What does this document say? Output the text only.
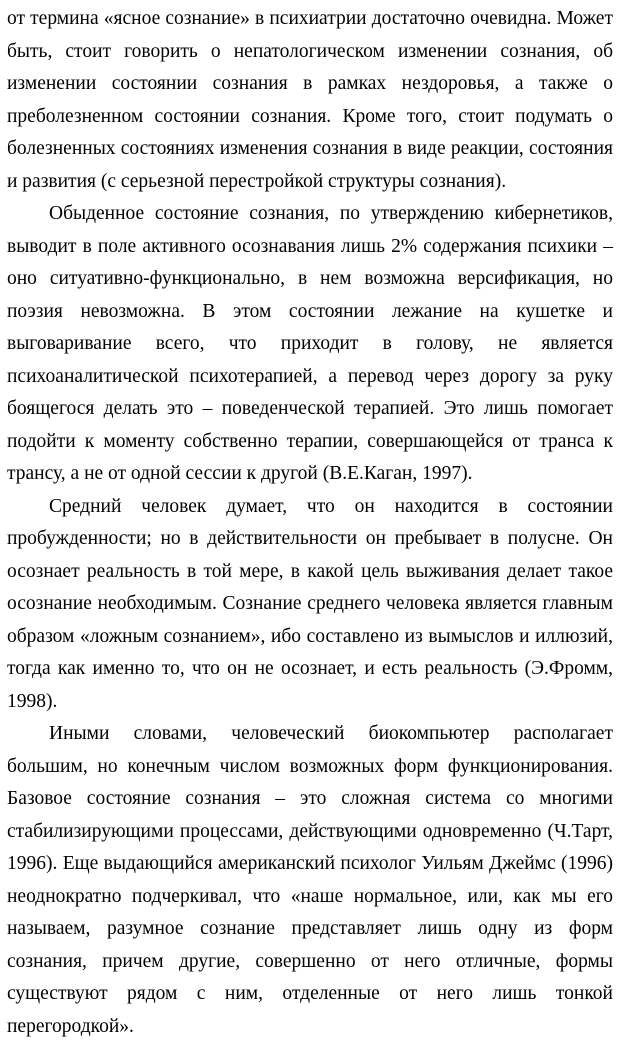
от термина «ясное сознание» в психиатрии достаточно очевидна. Может быть, стоит говорить о непатологическом изменении сознания, об изменении состоянии сознания в рамках нездоровья, а также о преболезненном состоянии сознания. Кроме того, стоит подумать о болезненных состояниях изменения сознания в виде реакции, состояния и развития (с серьезной перестройкой структуры сознания).

Обыденное состояние сознания, по утверждению кибернетиков, выводит в поле активного осознавания лишь 2% содержания психики – оно ситуативно-функционально, в нем возможна версификация, но поэзия невозможна. В этом состоянии лежание на кушетке и выговаривание всего, что приходит в голову, не является психоаналитической психотерапией, а перевод через дорогу за руку боящегося делать это – поведенческой терапией. Это лишь помогает подойти к моменту собственно терапии, совершающейся от транса к трансу, а не от одной сессии к другой (В.Е.Каган, 1997).

Средний человек думает, что он находится в состоянии пробужденности; но в действительности он пребывает в полусне. Он осознает реальность в той мере, в какой цель выживания делает такое осознание необходимым. Сознание среднего человека является главным образом «ложным сознанием», ибо составлено из вымыслов и иллюзий, тогда как именно то, что он не осознает, и есть реальность (Э.Фромм, 1998).

Иными словами, человеческий биокомпьютер располагает большим, но конечным числом возможных форм функционирования. Базовое состояние сознания – это сложная система со многими стабилизирующими процессами, действующими одновременно (Ч.Тарт, 1996). Еще выдающийся американский психолог Уильям Джеймс (1996) неоднократно подчеркивал, что «наше нормальное, или, как мы его называем, разумное сознание представляет лишь одну из форм сознания, причем другие, совершенно от него отличные, формы существуют рядом с ним, отделенные от него лишь тонкой перегородкой».
